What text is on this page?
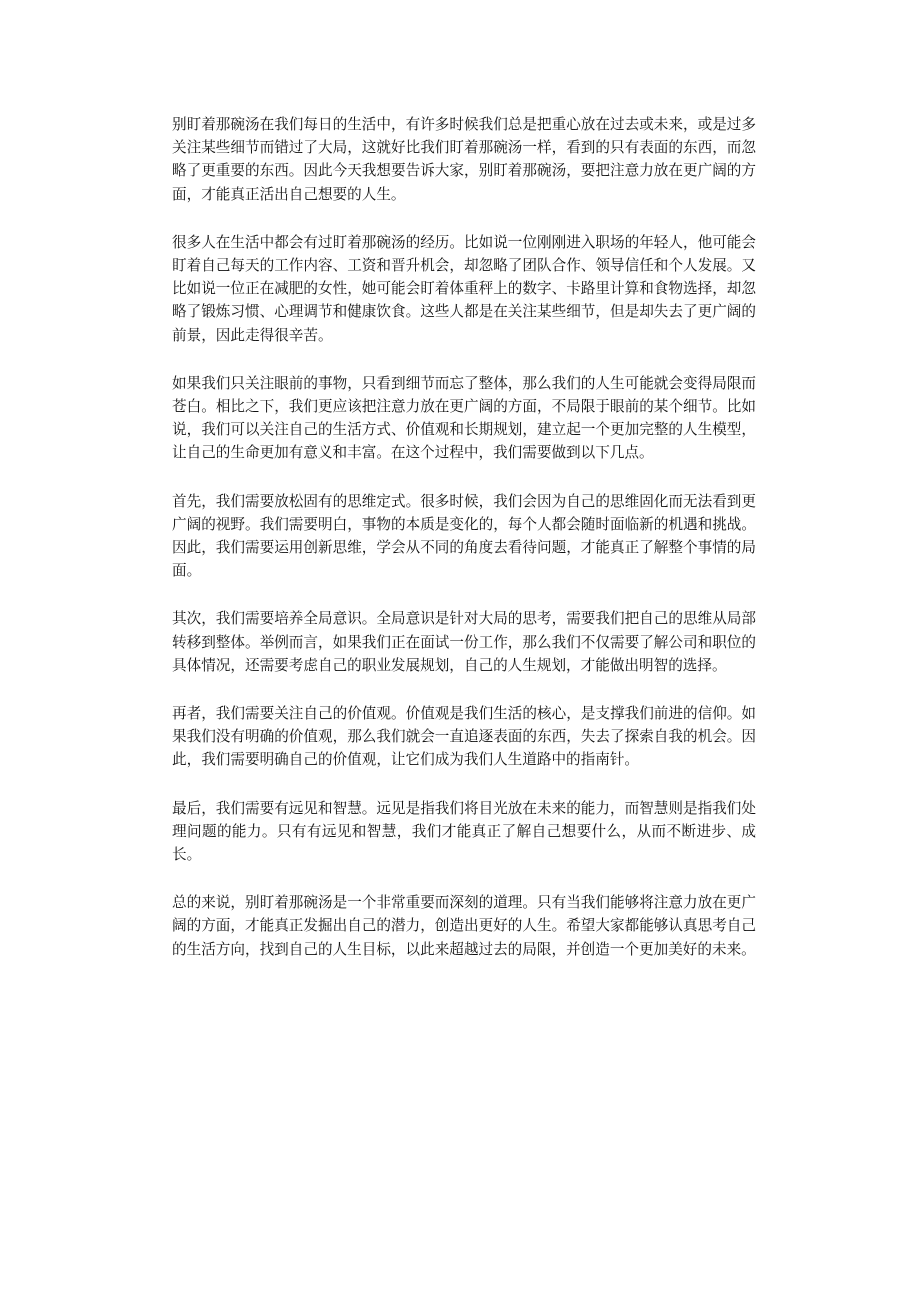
别盯着那碗汤在我们每日的生活中，有许多时候我们总是把重心放在过去或未来，或是过多关注某些细节而错过了大局，这就好比我们盯着那碗汤一样，看到的只有表面的东西，而忽略了更重要的东西。因此今天我想要告诉大家，别盯着那碗汤，要把注意力放在更广阔的方面，才能真正活出自己想要的人生。

很多人在生活中都会有过盯着那碗汤的经历。比如说一位刚刚进入职场的年轻人，他可能会盯着自己每天的工作内容、工资和晋升机会，却忽略了团队合作、领导信任和个人发展。又比如说一位正在减肥的女性，她可能会盯着体重秤上的数字、卡路里计算和食物选择，却忽略了锻炼习惯、心理调节和健康饮食。这些人都是在关注某些细节，但是却失去了更广阔的前景，因此走得很辛苦。

如果我们只关注眼前的事物，只看到细节而忘了整体，那么我们的人生可能就会变得局限而苍白。相比之下，我们更应该把注意力放在更广阔的方面，不局限于眼前的某个细节。比如说，我们可以关注自己的生活方式、价值观和长期规划，建立起一个更加完整的人生模型，让自己的生命更加有意义和丰富。在这个过程中，我们需要做到以下几点。

首先，我们需要放松固有的思维定式。很多时候，我们会因为自己的思维固化而无法看到更广阔的视野。我们需要明白，事物的本质是变化的，每个人都会随时面临新的机遇和挑战。因此，我们需要运用创新思维，学会从不同的角度去看待问题，才能真正了解整个事情的局面。

其次，我们需要培养全局意识。全局意识是针对大局的思考，需要我们把自己的思维从局部转移到整体。举例而言，如果我们正在面试一份工作，那么我们不仅需要了解公司和职位的具体情况，还需要考虑自己的职业发展规划，自己的人生规划，才能做出明智的选择。

再者，我们需要关注自己的价值观。价值观是我们生活的核心，是支撑我们前进的信仰。如果我们没有明确的价值观，那么我们就会一直追逐表面的东西，失去了探索自我的机会。因此，我们需要明确自己的价值观，让它们成为我们人生道路中的指南针。

最后，我们需要有远见和智慧。远见是指我们将目光放在未来的能力，而智慧则是指我们处理问题的能力。只有有远见和智慧，我们才能真正了解自己想要什么，从而不断进步、成长。

总的来说，别盯着那碗汤是一个非常重要而深刻的道理。只有当我们能够将注意力放在更广阔的方面，才能真正发掘出自己的潜力，创造出更好的人生。希望大家都能够认真思考自己的生活方向，找到自己的人生目标，以此来超越过去的局限，并创造一个更加美好的未来。
